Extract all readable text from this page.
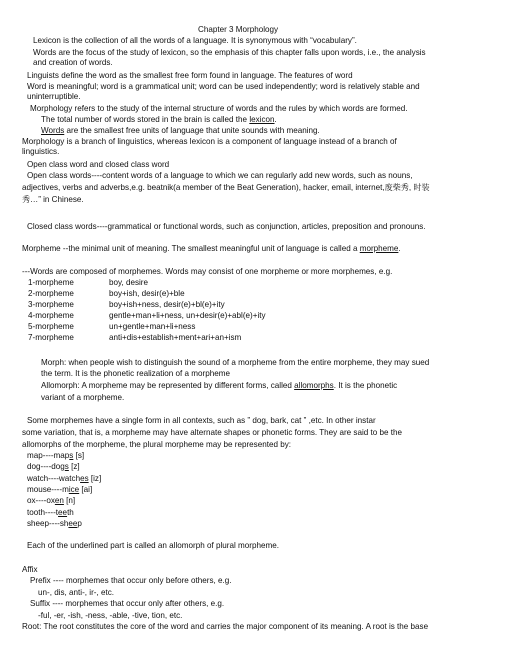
Chapter 3 Morphology
Lexicon is the collection of all the words of a language. It is synonymous with “vocabulary”.
Words are the focus of the study of lexicon, so the emphasis of this chapter falls upon words, i.e., the analysis
and creation of words.
Linguists define the word as the smallest free form found in language. The features of word
Word is meaningful; word is a grammatical unit; word can be used independently; word is relatively stable and
uninterruptible.
Morphology refers to the study of the internal structure of words and the rules by which words are formed.
The total number of words stored in the brain is called the lexicon.
Words are the smallest free units of language that unite sounds with meaning.
Morphology is a branch of linguistics, whereas lexicon is a component of language instead of a branch of
linguistics.
Open class word and closed class word
Open class words----content words of a language to which we can regularly add new words, such as nouns,
adjectives, verbs and adverbs,e.g. beatnik(a member of the Beat Generation), hacker, email, internet,废柴秀, 时装
秀…” in Chinese.
Closed class words----grammatical or functional words, such as conjunction, articles, preposition and pronouns.
Morpheme --the minimal unit of meaning. The smallest meaningful unit of language is called a morpheme.
---Words are composed of morphemes. Words may consist of one morpheme or more morphemes, e.g.
1-morpheme	boy, desire
2-morpheme	boy+ish, desir(e)+ble
3-morpheme	boy+ish+ness, desir(e)+bl(e)+ity
4-morpheme	gentle+man+li+ness, un+desir(e)+abl(e)+ity
5-morpheme	un+gentle+man+li+ness
7-morpheme	anti+dis+establish+ment+ari+an+ism
Morph: when people wish to distinguish the sound of a morpheme from the entire morpheme, they may sued
the term. It is the phonetic realization of a morpheme
Allomorph: A morpheme may be represented by different forms, called allomorphs. It is the phonetic
variant of a morpheme.
Some morphemes have a single form in all contexts, such as ” dog, bark, cat ” ,etc. In other instar
some variation, that is, a morpheme may have alternate shapes or phonetic forms. They are said to be the
allomorphs of the morpheme, the plural morpheme may be represented by:
map----maps [s]
dog----dogs [z]
watch----watches [iz]
mouse----mice [ai]
ox----oxen [n]
tooth----teeth
sheep----sheep
Each of the underlined part is called an allomorph of plural morpheme.
Affix
Prefix ---- morphemes that occur only before others, e.g.
un-, dis, anti-, ir-, etc.
Suffix ---- morphemes that occur only after others, e.g.
-ful, -er, -ish, -ness, -able, -tive, tion, etc.
Root: The root constitutes the core of the word and carries the major component of its meaning. A root is the base
